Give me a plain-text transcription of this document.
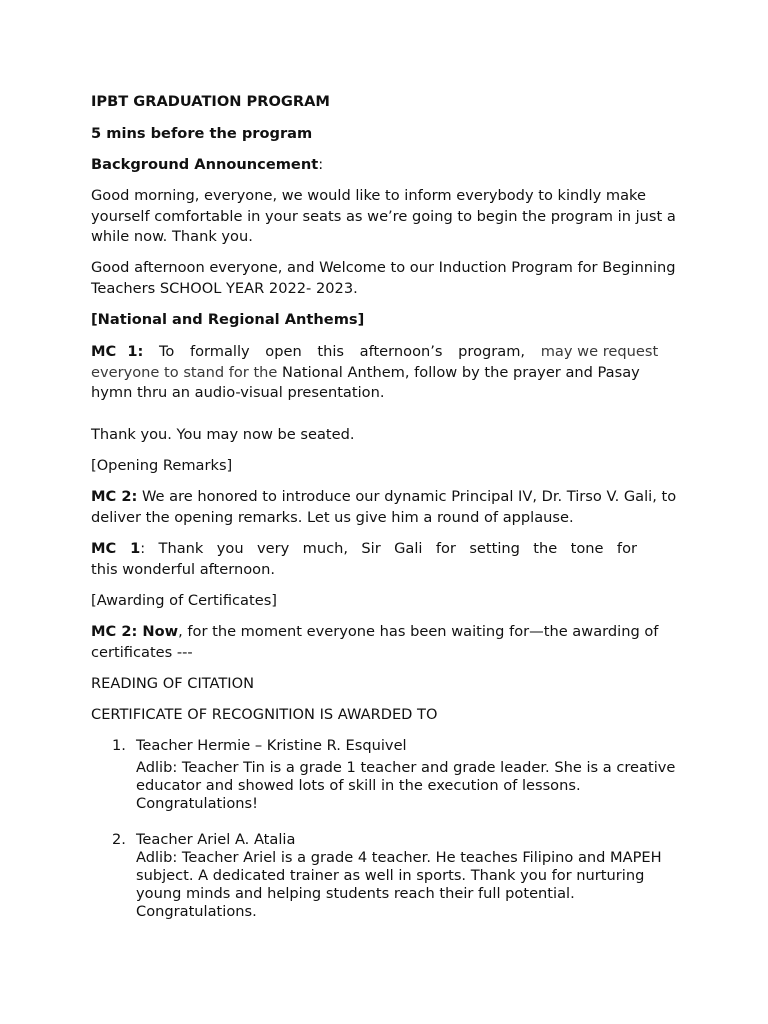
IPBT GRADUATION PROGRAM

5 mins before the program

Background Announcement:

Good morning, everyone, we would like to inform everybody to kindly make yourself comfortable in your seats as we’re going to begin the program in just a while now. Thank you.

Good afternoon everyone, and Welcome to our Induction Program for Beginning Teachers SCHOOL YEAR 2022- 2023.

[National and Regional Anthems]

MC 1: To formally open this afternoon’s program, may we request everyone to stand for the National Anthem, follow by the prayer and Pasay hymn thru an audio-visual presentation.

Thank you. You may now be seated.

[Opening Remarks]

MC 2: We are honored to introduce our dynamic Principal IV, Dr. Tirso V. Gali, to deliver the opening remarks. Let us give him a round of applause.

MC 1: Thank you very much, Sir Gali for setting the tone for
this wonderful afternoon.

[Awarding of Certificates]

MC 2: Now, for the moment everyone has been waiting for—the awarding of certificates ---

READING OF CITATION

CERTIFICATE OF RECOGNITION IS AWARDED TO

1. Teacher Hermie – Kristine R. Esquivel

Adlib: Teacher Tin is a grade 1 teacher and grade leader. She is a creative educator and showed lots of skill in the execution of lessons. Congratulations!

2. Teacher Ariel A. Atalia

Adlib: Teacher Ariel is a grade 4 teacher. He teaches Filipino and MAPEH subject. A dedicated trainer as well in sports. Thank you for nurturing young minds and helping students reach their full potential. Congratulations.
